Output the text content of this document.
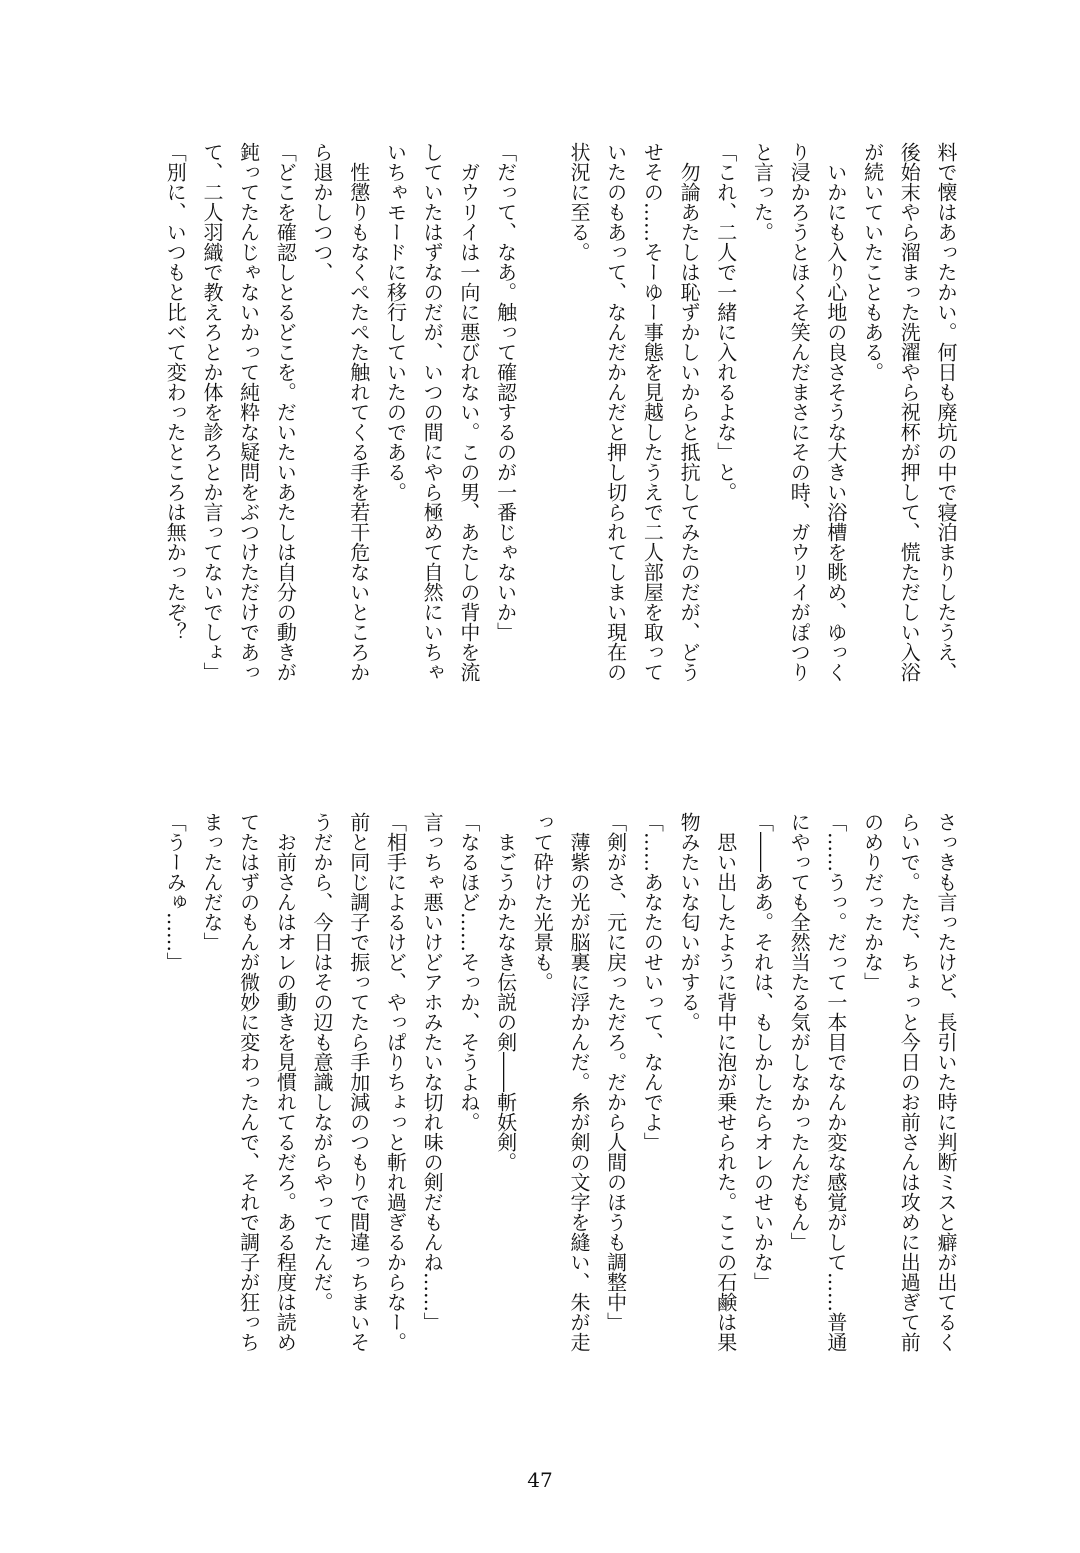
料で懐はあったかい。何日も廃坑の中で寝泊まりしたうえ、
後始末やら溜まった洗濯やら祝杯が押して、慌ただしい入浴
が続いていたこともある。
　いかにも入り心地の良さそうな大きい浴槽を眺め、ゆっく
り浸かろうとほくそ笑んだまさにその時、ガウリイがぽつり
と言った。
「これ、二人で一緒に入れるよな」と。
　勿論あたしは恥ずかしいからと抵抗してみたのだが、どう
せその……そーゆー事態を見越したうえで二人部屋を取って
いたのもあって、なんだかんだと押し切られてしまい現在の
状況に至る。

「だって、なあ。触って確認するのが一番じゃないか」
　ガウリイは一向に悪びれない。この男、あたしの背中を流
していたはずなのだが、いつの間にやら極めて自然にいちゃ
いちゃモードに移行していたのである。
　性懲りもなくぺたぺた触れてくる手を若干危ないところか
ら退かしつつ、
「どこを確認しとるどこを。だいたいあたしは自分の動きが
鈍ってたんじゃないかって純粋な疑問をぶつけただけであっ
て、二人羽織で教えろとか体を診ろとか言ってないでしょ」
「別に、いつもと比べて変わったところは無かったぞ？
さっきも言ったけど、長引いた時に判断ミスと癖が出てるく
らいで。ただ、ちょっと今日のお前さんは攻めに出過ぎて前
のめりだったかな」
「……うっ。だって一本目でなんか変な感覚がして……普通
にやっても全然当たる気がしなかったんだもん」
「――ああ。それは、もしかしたらオレのせいかな」
　思い出したように背中に泡が乗せられた。ここの石鹸は果
物みたいな匂いがする。
「……あなたのせいって、なんでよ」
「剣がさ、元に戻っただろ。だから人間のほうも調整中」
　薄紫の光が脳裏に浮かんだ。糸が剣の文字を縫い、朱が走
って砕けた光景も。
　まごうかたなき伝説の剣――斬妖剣。
「なるほど……そっか、そうよね。
言っちゃ悪いけどアホみたいな切れ味の剣だもんね……」
「相手によるけど、やっぱりちょっと斬れ過ぎるからなー。
前と同じ調子で振ってたら手加減のつもりで間違っちまいそ
うだから、今日はその辺も意識しながらやってたんだ。
　お前さんはオレの動きを見慣れてるだろ。ある程度は読め
てたはずのもんが微妙に変わったんで、それで調子が狂っち
まったんだな」
「うーみゅ……」
47
